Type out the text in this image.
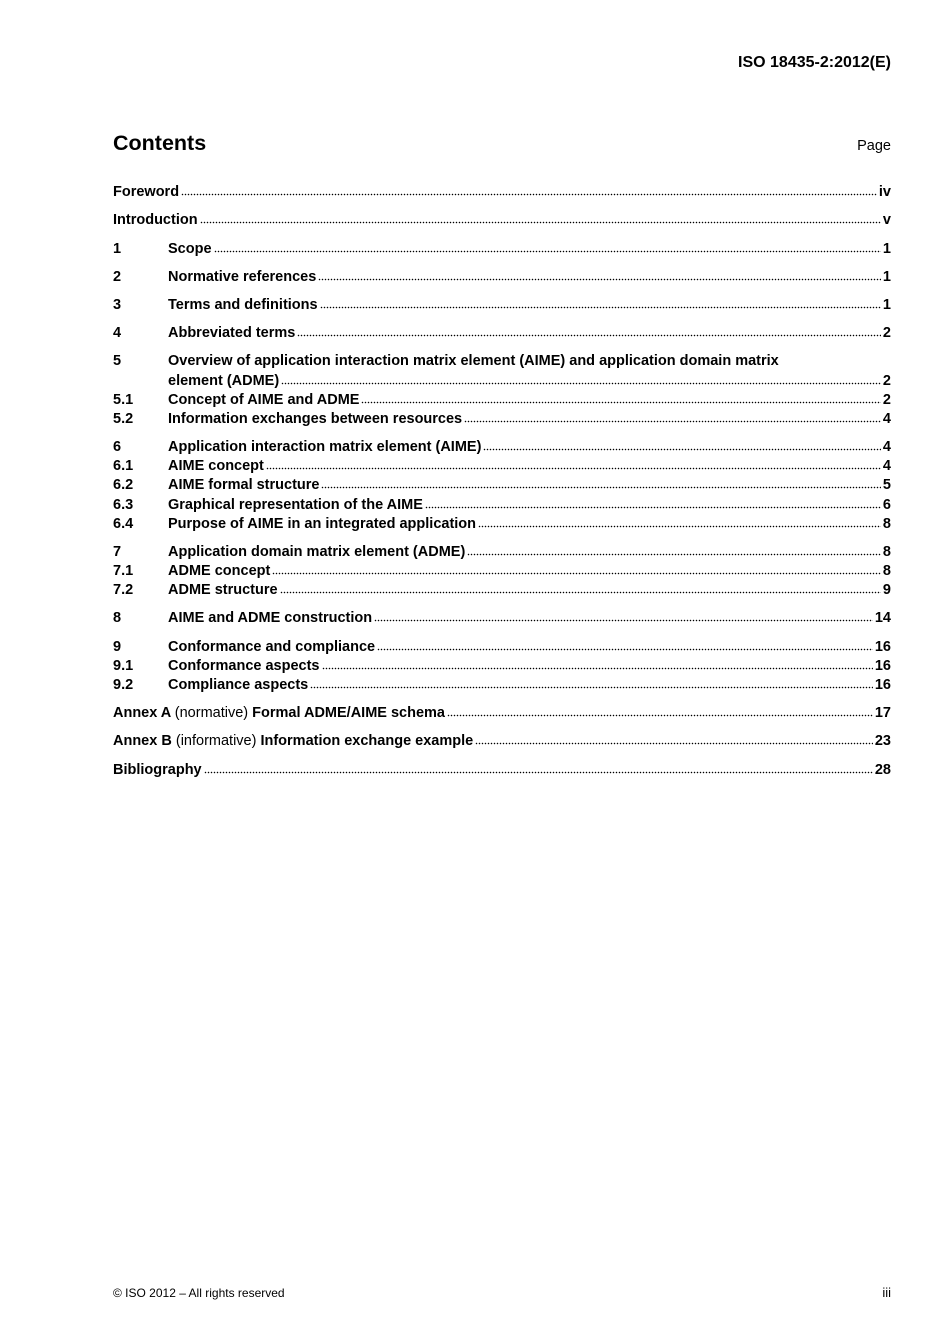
ISO 18435-2:2012(E)
Contents	Page
Foreword	iv
Introduction	v
1	Scope	1
2	Normative references	1
3	Terms and definitions	1
4	Abbreviated terms	2
5	Overview of application interaction matrix element (AIME) and application domain matrix
element (ADME)	2
5.1	Concept of AIME and ADME	2
5.2	Information exchanges between resources	4
6	Application interaction matrix element (AIME)	4
6.1	AIME concept	4
6.2	AIME formal structure	5
6.3	Graphical representation of the AIME	6
6.4	Purpose of AIME in an integrated application	8
7	Application domain matrix element (ADME)	8
7.1	ADME concept	8
7.2	ADME structure	9
8	AIME and ADME construction	14
9	Conformance and compliance	16
9.1	Conformance aspects	16
9.2	Compliance aspects	16
Annex A (normative) Formal ADME/AIME schema	17
Annex B (informative) Information exchange example	23
Bibliography	28
© ISO 2012 – All rights reserved	iii
